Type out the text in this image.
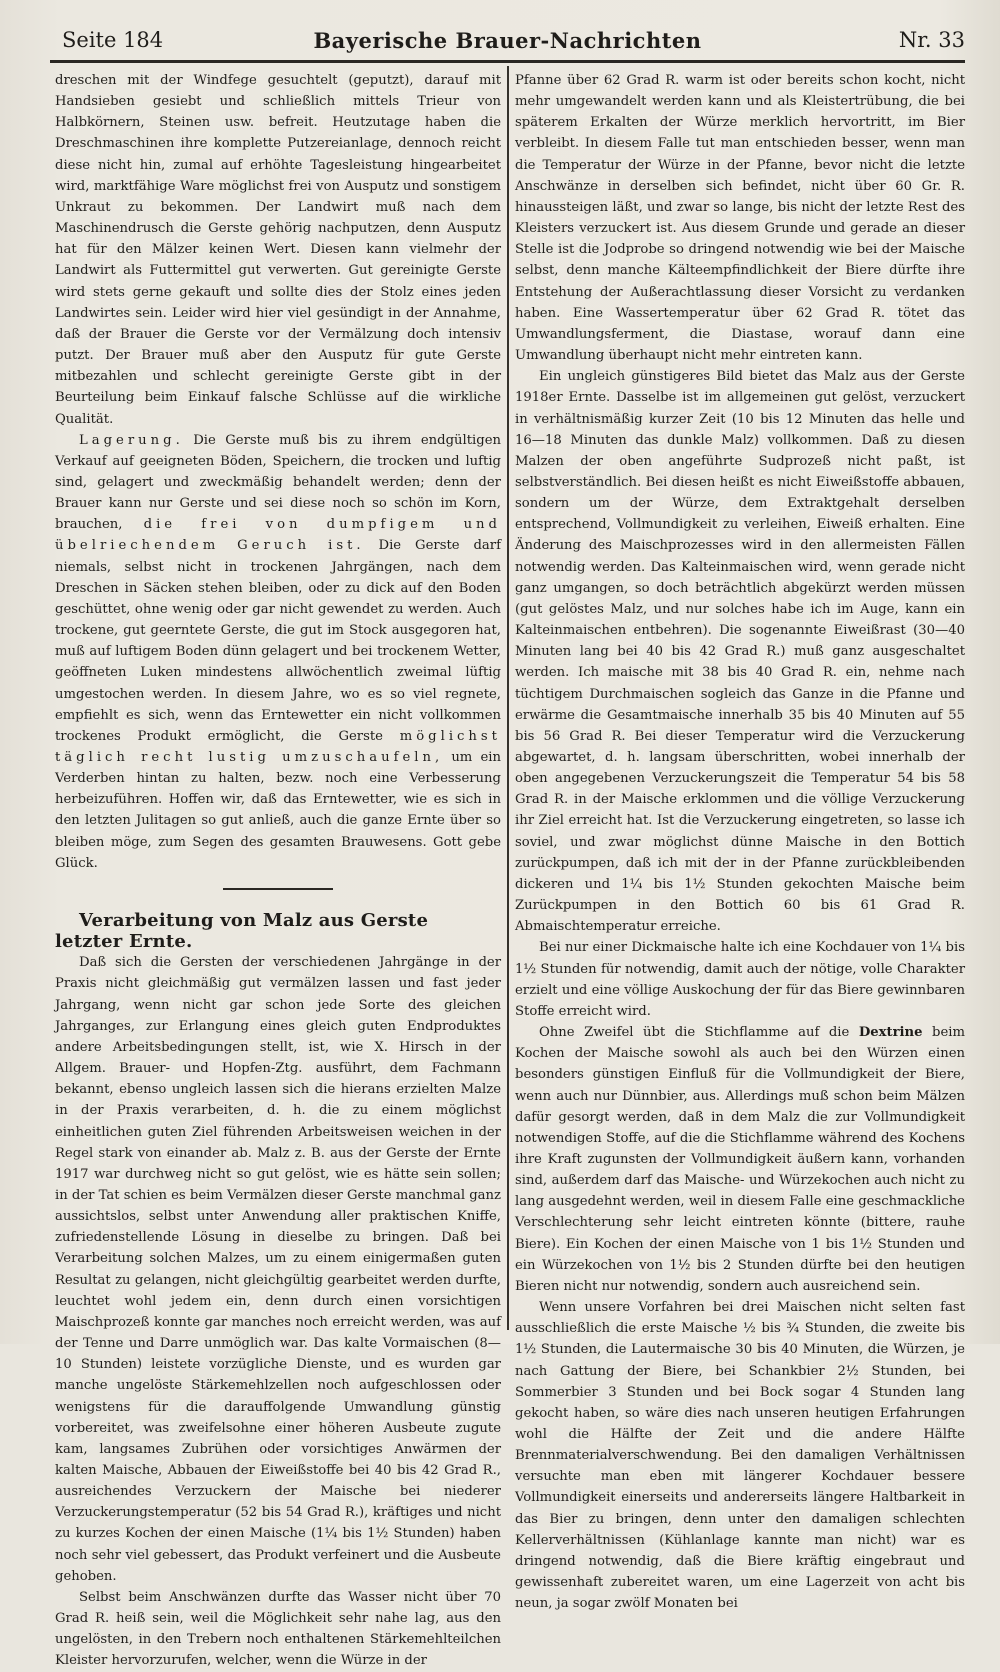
Seite 184	Bayerische Brauer-Nachrichten	Nr. 33

dreschen mit der Windfege gesuchtelt (geputzt), darauf mit Handsieben gesiebt und schließlich mittels Trieur von Halbkörnern, Steinen usw. befreit. Heutzutage haben die Dreschmaschinen ihre komplette Putzereianlage, dennoch reicht diese nicht hin, zumal auf erhöhte Tagesleistung hingearbeitet wird, marktfähige Ware möglichst frei von Ausputz und sonstigem Unkraut zu bekommen. Der Landwirt muß nach dem Maschinendrusch die Gerste gehörig nachputzen, denn Ausputz hat für den Mälzer keinen Wert. Diesen kann vielmehr der Landwirt als Futtermittel gut verwerten. Gut gereinigte Gerste wird stets gerne gekauft und sollte dies der Stolz eines jeden Landwirtes sein. Leider wird hier viel gesündigt in der Annahme, daß der Brauer die Gerste vor der Vermälzung doch intensiv putzt. Der Brauer muß aber den Ausputz für gute Gerste mitbezahlen und schlecht gereinigte Gerste gibt in der Beurteilung beim Einkauf falsche Schlüsse auf die wirkliche Qualität.

Lagerung. Die Gerste muß bis zu ihrem endgültigen Verkauf auf geeigneten Böden, Speichern, die trocken und luftig sind, gelagert und zweckmäßig behandelt werden; denn der Brauer kann nur Gerste und sei diese noch so schön im Korn, brauchen, die frei von dumpfigem und übelriechendem Geruch ist. Die Gerste darf niemals, selbst nicht in trockenen Jahrgängen, nach dem Dreschen in Säcken stehen bleiben, oder zu dick auf den Boden geschüttet, ohne wenig oder gar nicht gewendet zu werden. Auch trockene, gut geerntete Gerste, die gut im Stock ausgegoren hat, muß auf luftigem Boden dünn gelagert und bei trockenem Wetter, geöffneten Luken mindestens allwöchentlich zweimal lüftig umgestochen werden. In diesem Jahre, wo es so viel regnete, empfiehlt es sich, wenn das Erntewetter ein nicht vollkommen trockenes Produkt ermöglicht, die Gerste möglichst täglich recht lustig umzuschaufeln, um ein Verderben hintan zu halten, bezw. noch eine Verbesserung herbeizuführen. Hoffen wir, daß das Erntewetter, wie es sich in den letzten Julitagen so gut anließ, auch die ganze Ernte über so bleiben möge, zum Segen des gesamten Brauwesens. Gott gebe Glück.

Verarbeitung von Malz aus Gerste letzter Ernte.

Daß sich die Gersten der verschiedenen Jahrgänge in der Praxis nicht gleichmäßig gut vermälzen lassen und fast jeder Jahrgang, wenn nicht gar schon jede Sorte des gleichen Jahrganges, zur Erlangung eines gleich guten Endproduktes andere Arbeitsbedingungen stellt, ist, wie X. Hirsch in der Allgem. Brauer- und Hopfen-Ztg. ausführt, dem Fachmann bekannt, ebenso ungleich lassen sich die hierans erzielten Malze in der Praxis verarbeiten, d. h. die zu einem möglichst einheitlichen guten Ziel führenden Arbeitsweisen weichen in der Regel stark von einander ab. Malz z. B. aus der Gerste der Ernte 1917 war durchweg nicht so gut gelöst, wie es hätte sein sollen; in der Tat schien es beim Vermälzen dieser Gerste manchmal ganz aussichtslos, selbst unter Anwendung aller praktischen Kniffe, zufriedenstellende Lösung in dieselbe zu bringen. Daß bei Verarbeitung solchen Malzes, um zu einem einigermaßen guten Resultat zu gelangen, nicht gleichgültig gearbeitet werden durfte, leuchtet wohl jedem ein, denn durch einen vorsichtigen Maischprozeß konnte gar manches noch erreicht werden, was auf der Tenne und Darre unmöglich war. Das kalte Vormaischen (8—10 Stunden) leistete vorzügliche Dienste, und es wurden gar manche ungelöste Stärkemehlzellen noch aufgeschlossen oder wenigstens für die darauffolgende Umwandlung günstig vorbereitet, was zweifelsohne einer höheren Ausbeute zugute kam, langsames Zubrühen oder vorsichtiges Anwärmen der kalten Maische, Abbauen der Eiweißstoffe bei 40 bis 42 Grad R., ausreichendes Verzuckern der Maische bei niederer Verzuckerungstemperatur (52 bis 54 Grad R.), kräftiges und nicht zu kurzes Kochen der einen Maische (1¼ bis 1½ Stunden) haben noch sehr viel gebessert, das Produkt verfeinert und die Ausbeute gehoben.

Selbst beim Anschwänzen durfte das Wasser nicht über 70 Grad R. heiß sein, weil die Möglichkeit sehr nahe lag, aus den ungelösten, in den Trebern noch enthaltenen Stärkemehlteilchen Kleister hervorzurufen, welcher, wenn die Würze in der

Pfanne über 62 Grad R. warm ist oder bereits schon kocht, nicht mehr umgewandelt werden kann und als Kleistertrübung, die bei späterem Erkalten der Würze merklich hervortritt, im Bier verbleibt. In diesem Falle tut man entschieden besser, wenn man die Temperatur der Würze in der Pfanne, bevor nicht die letzte Anschwänze in derselben sich befindet, nicht über 60 Gr. R. hinaussteigen läßt, und zwar so lange, bis nicht der letzte Rest des Kleisters verzuckert ist. Aus diesem Grunde und gerade an dieser Stelle ist die Jodprobe so dringend notwendig wie bei der Maische selbst, denn manche Kälteempfindlichkeit der Biere dürfte ihre Entstehung der Außerachtlassung dieser Vorsicht zu verdanken haben. Eine Wassertemperatur über 62 Grad R. tötet das Umwandlungsferment, die Diastase, worauf dann eine Umwandlung überhaupt nicht mehr eintreten kann.

Ein ungleich günstigeres Bild bietet das Malz aus der Gerste 1918er Ernte. Dasselbe ist im allgemeinen gut gelöst, verzuckert in verhältnismäßig kurzer Zeit (10 bis 12 Minuten das helle und 16—18 Minuten das dunkle Malz) vollkommen. Daß zu diesen Malzen der oben angeführte Sudprozeß nicht paßt, ist selbstverständlich. Bei diesen heißt es nicht Eiweißstoffe abbauen, sondern um der Würze, dem Extraktgehalt derselben entsprechend, Vollmundigkeit zu verleihen, Eiweiß erhalten. Eine Änderung des Maischprozesses wird in den allermeisten Fällen notwendig werden. Das Kalteinmaischen wird, wenn gerade nicht ganz umgangen, so doch beträchtlich abgekürzt werden müssen (gut gelöstes Malz, und nur solches habe ich im Auge, kann ein Kalteinmaischen entbehren). Die sogenannte Eiweißrast (30—40 Minuten lang bei 40 bis 42 Grad R.) muß ganz ausgeschaltet werden. Ich maische mit 38 bis 40 Grad R. ein, nehme nach tüchtigem Durchmaischen sogleich das Ganze in die Pfanne und erwärme die Gesamtmaische innerhalb 35 bis 40 Minuten auf 55 bis 56 Grad R. Bei dieser Temperatur wird die Verzuckerung abgewartet, d. h. langsam überschritten, wobei innerhalb der oben angegebenen Verzuckerungszeit die Temperatur 54 bis 58 Grad R. in der Maische erklommen und die völlige Verzuckerung ihr Ziel erreicht hat. Ist die Verzuckerung eingetreten, so lasse ich soviel, und zwar möglichst dünne Maische in den Bottich zurückpumpen, daß ich mit der in der Pfanne zurückbleibenden dickeren und 1¼ bis 1½ Stunden gekochten Maische beim Zurückpumpen in den Bottich 60 bis 61 Grad R. Abmaischtemperatur erreiche.

Bei nur einer Dickmaische halte ich eine Kochdauer von 1¼ bis 1½ Stunden für notwendig, damit auch der nötige, volle Charakter erzielt und eine völlige Auskochung der für das Biere gewinnbaren Stoffe erreicht wird.

Ohne Zweifel übt die Stichflamme auf die Dextrine beim Kochen der Maische sowohl als auch bei den Würzen einen besonders günstigen Einfluß für die Vollmundigkeit der Biere, wenn auch nur Dünnbier, aus. Allerdings muß schon beim Mälzen dafür gesorgt werden, daß in dem Malz die zur Vollmundigkeit notwendigen Stoffe, auf die die Stichflamme während des Kochens ihre Kraft zugunsten der Vollmundigkeit äußern kann, vorhanden sind, außerdem darf das Maische- und Würzekochen auch nicht zu lang ausgedehnt werden, weil in diesem Falle eine geschmackliche Verschlechterung sehr leicht eintreten könnte (bittere, rauhe Biere). Ein Kochen der einen Maische von 1 bis 1½ Stunden und ein Würzekochen von 1½ bis 2 Stunden dürfte bei den heutigen Bieren nicht nur notwendig, sondern auch ausreichend sein.

Wenn unsere Vorfahren bei drei Maischen nicht selten fast ausschließlich die erste Maische ½ bis ¾ Stunden, die zweite bis 1½ Stunden, die Lautermaische 30 bis 40 Minuten, die Würzen, je nach Gattung der Biere, bei Schankbier 2½ Stunden, bei Sommerbier 3 Stunden und bei Bock sogar 4 Stunden lang gekocht haben, so wäre dies nach unseren heutigen Erfahrungen wohl die Hälfte der Zeit und die andere Hälfte Brennmaterialverschwendung. Bei den damaligen Verhältnissen versuchte man eben mit längerer Kochdauer bessere Vollmundigkeit einerseits und andererseits längere Haltbarkeit in das Bier zu bringen, denn unter den damaligen schlechten Kellerverhältnissen (Kühlanlage kannte man nicht) war es dringend notwendig, daß die Biere kräftig eingebraut und gewissenhaft zubereitet waren, um eine Lagerzeit von acht bis neun, ja sogar zwölf Monaten bei
